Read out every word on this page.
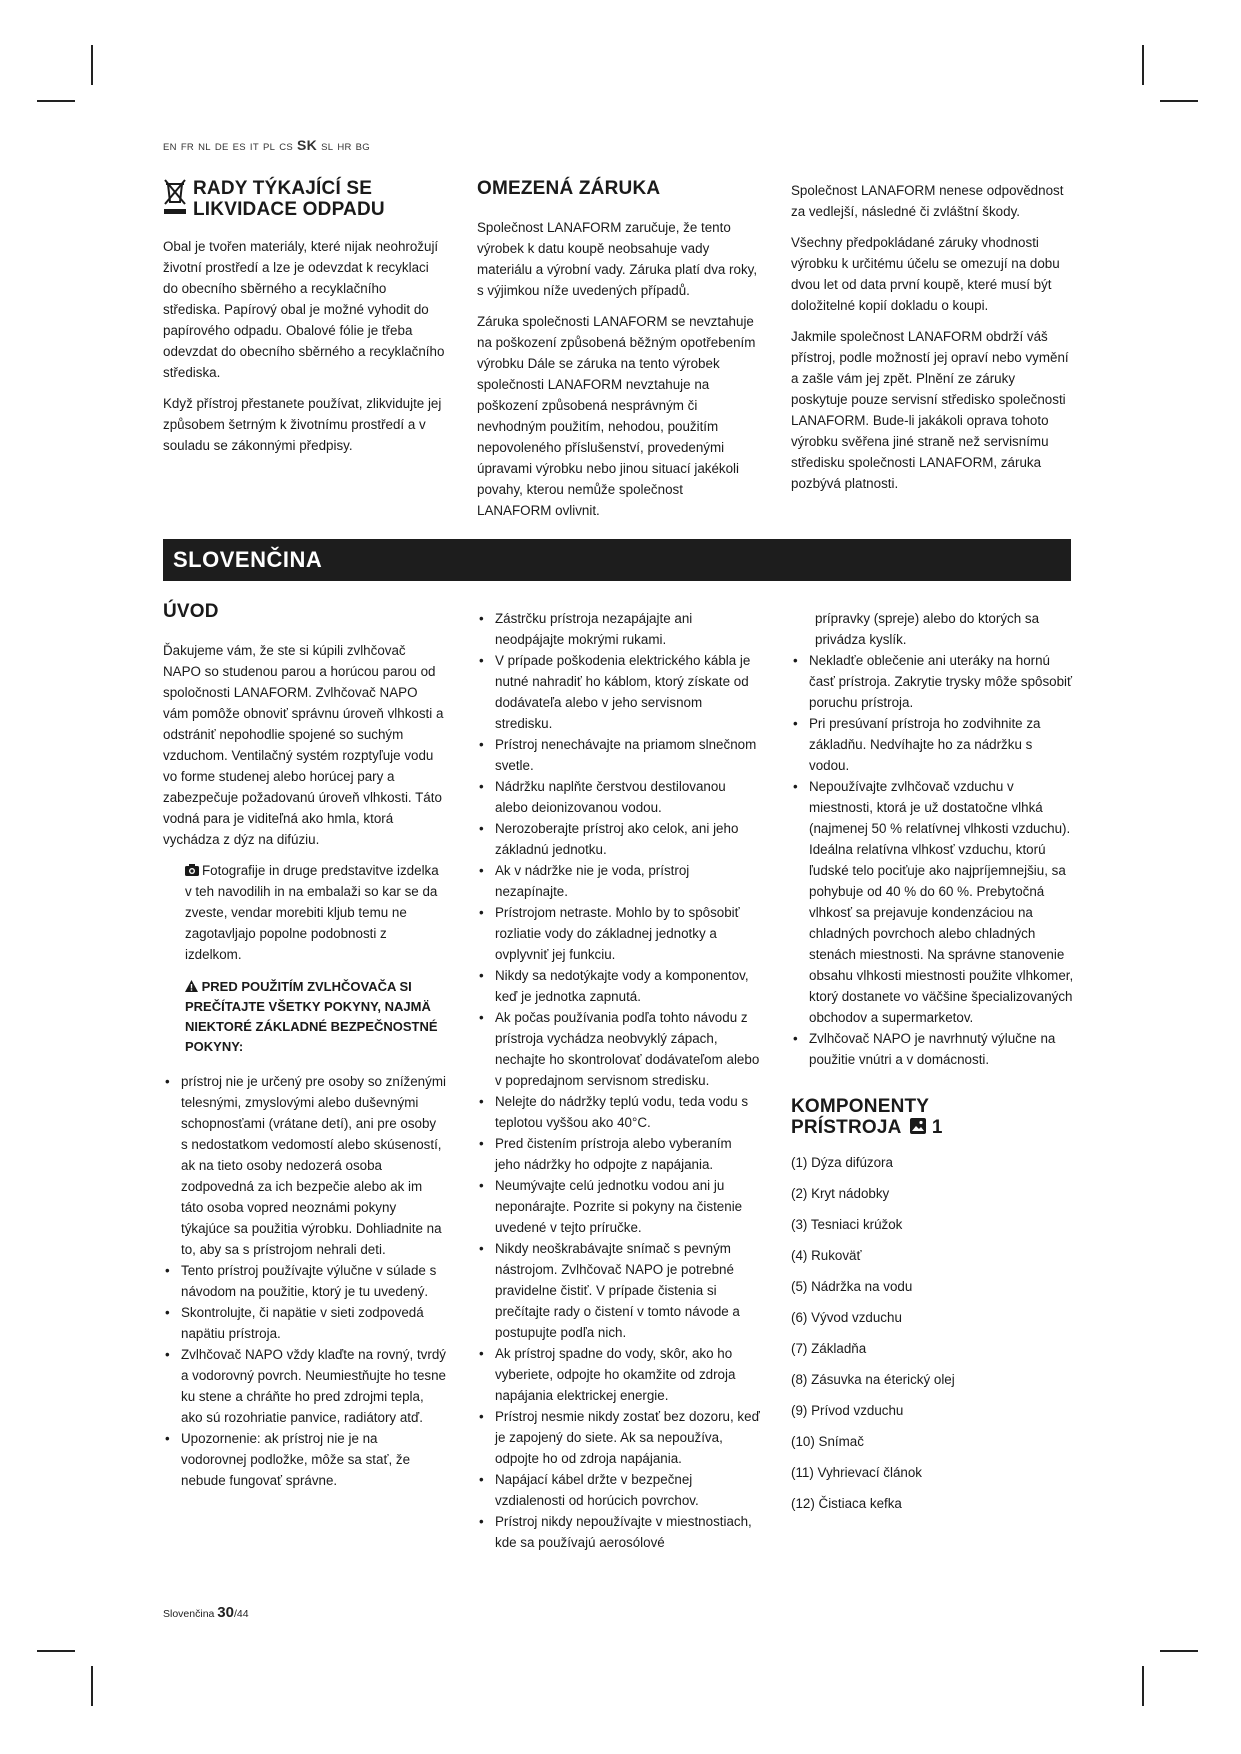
EN FR NL DE ES IT PL CS SK SL HR BG
RADY TÝKAJÍCÍ SE
LIKVIDACE ODPADU

Obal je tvořen materiály, které nijak neohrožují životní prostředí a lze je odevzdat k recyklaci do obecního sběrného a recyklačního střediska. Papírový obal je možné vyhodit do papírového odpadu. Obalové fólie je třeba odevzdat do obecního sběrného a recyklačního střediska.

Když přístroj přestanete používat, zlikvidujte jej způsobem šetrným k životnímu prostředí a v souladu se zákonnými předpisy.

OMEZENÁ ZÁRUKA

Společnost LANAFORM zaručuje, že tento výrobek k datu koupě neobsahuje vady materiálu a výrobní vady. Záruka platí dva roky, s výjimkou níže uvedených případů.

Záruka společnosti LANAFORM se nevztahuje na poškození způsobená běžným opotřebením výrobku Dále se záruka na tento výrobek společnosti LANAFORM nevztahuje na poškození způsobená nesprávným či nevhodným použitím, nehodou, použitím nepovoleného příslušenství, provedenými úpravami výrobku nebo jinou situací jakékoli povahy, kterou nemůže společnost LANAFORM ovlivnit.

Společnost LANAFORM nenese odpovědnost za vedlejší, následné či zvláštní škody.

Všechny předpokládané záruky vhodnosti výrobku k určitému účelu se omezují na dobu dvou let od data první koupě, které musí být doložitelné kopií dokladu o koupi.

Jakmile společnost LANAFORM obdrží váš přístroj, podle možností jej opraví nebo vymění a zašle vám jej zpět. Plnění ze záruky poskytuje pouze servisní středisko společnosti LANAFORM. Bude-li jakákoli oprava tohoto výrobku svěřena jiné straně než servisnímu středisku společnosti LANAFORM, záruka pozbývá platnosti.

SLOVENČINA
ÚVOD

Ďakujeme vám, že ste si kúpili zvlhčovač NAPO so studenou parou a horúcou parou od spoločnosti LANAFORM. Zvlhčovač NAPO vám pomôže obnoviť správnu úroveň vlhkosti a odstrániť nepohodlie spojené so suchým vzduchom. Ventilačný systém rozptyľuje vodu vo forme studenej alebo horúcej pary a zabezpečuje požadovanú úroveň vlhkosti. Táto vodná para je viditeľná ako hmla, ktorá vychádza z dýz na difúziu.

Fotografije in druge predstavitve izdelka v teh navodilih in na embalaži so kar se da zveste, vendar morebiti kljub temu ne zagotavljajo popolne podobnosti z izdelkom.
PRED POUŽITÍM ZVLHČOVAČA SI PREČÍTAJTE VŠETKY POKYNY, NAJMÄ NIEKTORÉ ZÁKLADNÉ BEZPEČNOSTNÉ POKYNY:
• prístroj nie je určený pre osoby so zníženými telesnými, zmyslovými alebo duševnými schopnosťami (vrátane detí), ani pre osoby s nedostatkom vedomostí alebo skúseností, ak na tieto osoby nedozerá osoba zodpovedná za ich bezpečie alebo ak im táto osoba vopred neoznámi pokyny týkajúce sa použitia výrobku. Dohliadnite na to, aby sa s prístrojom nehrali deti.
• Tento prístroj používajte výlučne v súlade s návodom na použitie, ktorý je tu uvedený.
• Skontrolujte, či napätie v sieti zodpovedá napätiu prístroja.
• Zvlhčovač NAPO vždy klaďte na rovný, tvrdý a vodorovný povrch. Neumiestňujte ho tesne ku stene a chráňte ho pred zdrojmi tepla, ako sú rozohriatie panvice, radiátory atď.
• Upozornenie: ak prístroj nie je na vodorovnej podložke, môže sa stať, že nebude fungovať správne.
• Zástrčku prístroja nezapájajte ani neodpájajte mokrými rukami.
• V prípade poškodenia elektrického kábla je nutné nahradiť ho káblom, ktorý získate od dodávateľa alebo v jeho servisnom stredisku.
• Prístroj nenechávajte na priamom slnečnom svetle.
• Nádržku naplňte čerstvou destilovanou alebo deionizovanou vodou.
• Nerozoberajte prístroj ako celok, ani jeho základnú jednotku.
• Ak v nádržke nie je voda, prístroj nezapínajte.
• Prístrojom netraste. Mohlo by to spôsobiť rozliatie vody do základnej jednotky a ovplyvniť jej funkciu.
• Nikdy sa nedotýkajte vody a komponentov, keď je jednotka zapnutá.
• Ak počas používania podľa tohto návodu z prístroja vychádza neobvyklý zápach, nechajte ho skontrolovať dodávateľom alebo v popredajnom servisnom stredisku.
• Nelejte do nádržky teplú vodu, teda vodu s teplotou vyššou ako 40°C.
• Pred čistením prístroja alebo vyberaním jeho nádržky ho odpojte z napájania.
• Neumývajte celú jednotku vodou ani ju neponárajte. Pozrite si pokyny na čistenie uvedené v tejto príručke.
• Nikdy neoškrabávajte snímač s pevným nástrojom. Zvlhčovač NAPO je potrebné pravidelne čistiť. V prípade čistenia si prečítajte rady o čistení v tomto návode a postupujte podľa nich.
• Ak prístroj spadne do vody, skôr, ako ho vyberiete, odpojte ho okamžite od zdroja napájania elektrickej energie.
• Prístroj nesmie nikdy zostať bez dozoru, keď je zapojený do siete. Ak sa nepoužíva, odpojte ho od zdroja napájania.
• Napájací kábel držte v bezpečnej vzdialenosti od horúcich povrchov.
• Prístroj nikdy nepoužívajte v miestnostiach, kde sa používajú aerosólové
prípravky (spreje) alebo do ktorých sa privádza kyslík.
• Nekladťe oblečenie ani uteráky na hornú časť prístroja. Zakrytie trysky môže spôsobiť poruchu prístroja.
• Pri presúvaní prístroja ho zodvihnite za základňu. Nedvíhajte ho za nádržku s vodou.
• Nepoužívajte zvlhčovač vzduchu v miestnosti, ktorá je už dostatočne vlhká (najmenej 50 % relatívnej vlhkosti vzduchu). Ideálna relatívna vlhkosť vzduchu, ktorú ľudské telo pociťuje ako najpríjemnejšiu, sa pohybuje od 40 % do 60 %. Prebytočná vlhkosť sa prejavuje kondenzáciou na chladných povrchoch alebo chladných stenách miestnosti. Na správne stanovenie obsahu vlhkosti miestnosti použite vlhkomer, ktorý dostanete vo väčšine špecializovaných obchodov a supermarketov.
• Zvlhčovač NAPO je navrhnutý výlučne na použitie vnútri a v domácnosti.
KOMPONENTY
PRÍSTROJA 1
(1) Dýza difúzora
(2) Kryt nádobky
(3) Tesniaci krúžok
(4) Rukoväť
(5) Nádržka na vodu
(6) Vývod vzduchu
(7) Základňa
(8) Zásuvka na éterický olej
(9) Prívod vzduchu
(10) Snímač
(11) Vyhrievací článok
(12) Čistiaca kefka
Slovenčina 30/44
